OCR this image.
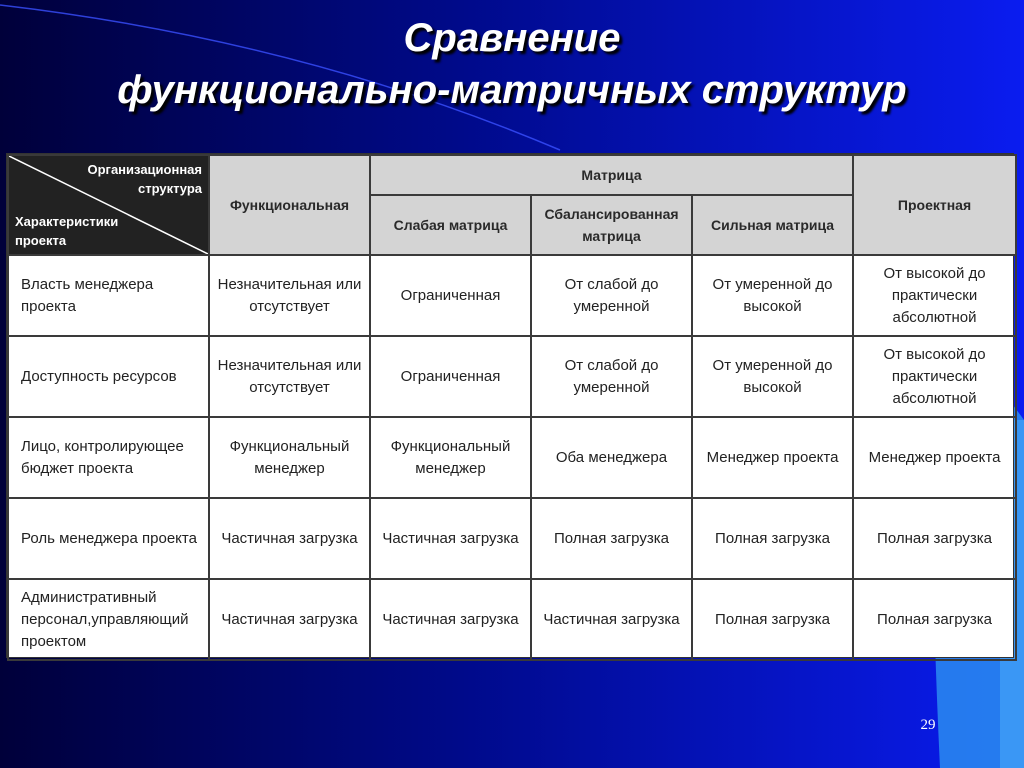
Сравнение
функционально-матричных структур
Организационная
структура
Характеристики
проекта	Функциональная	Матрица			Проектная
		Слабая матрица	Сбалансированная матрица	Сильная матрица	
Власть менеджера проекта	Незначительная или отсутствует	Ограниченная	От слабой до умеренной	От умеренной до высокой	От высокой до практически абсолютной
Доступность ресурсов	Незначительная или отсутствует	Ограниченная	От слабой до умеренной	От умеренной до высокой	От высокой до практически абсолютной
Лицо, контролирующее бюджет проекта	Функциональный менеджер	Функциональный менеджер	Оба менеджера	Менеджер проекта	Менеджер проекта
Роль менеджера проекта	Частичная загрузка	Частичная загрузка	Полная загрузка	Полная загрузка	Полная загрузка
Административный персонал,управляющий проектом	Частичная загрузка	Частичная загрузка	Частичная загрузка	Полная загрузка	Полная загрузка
29
